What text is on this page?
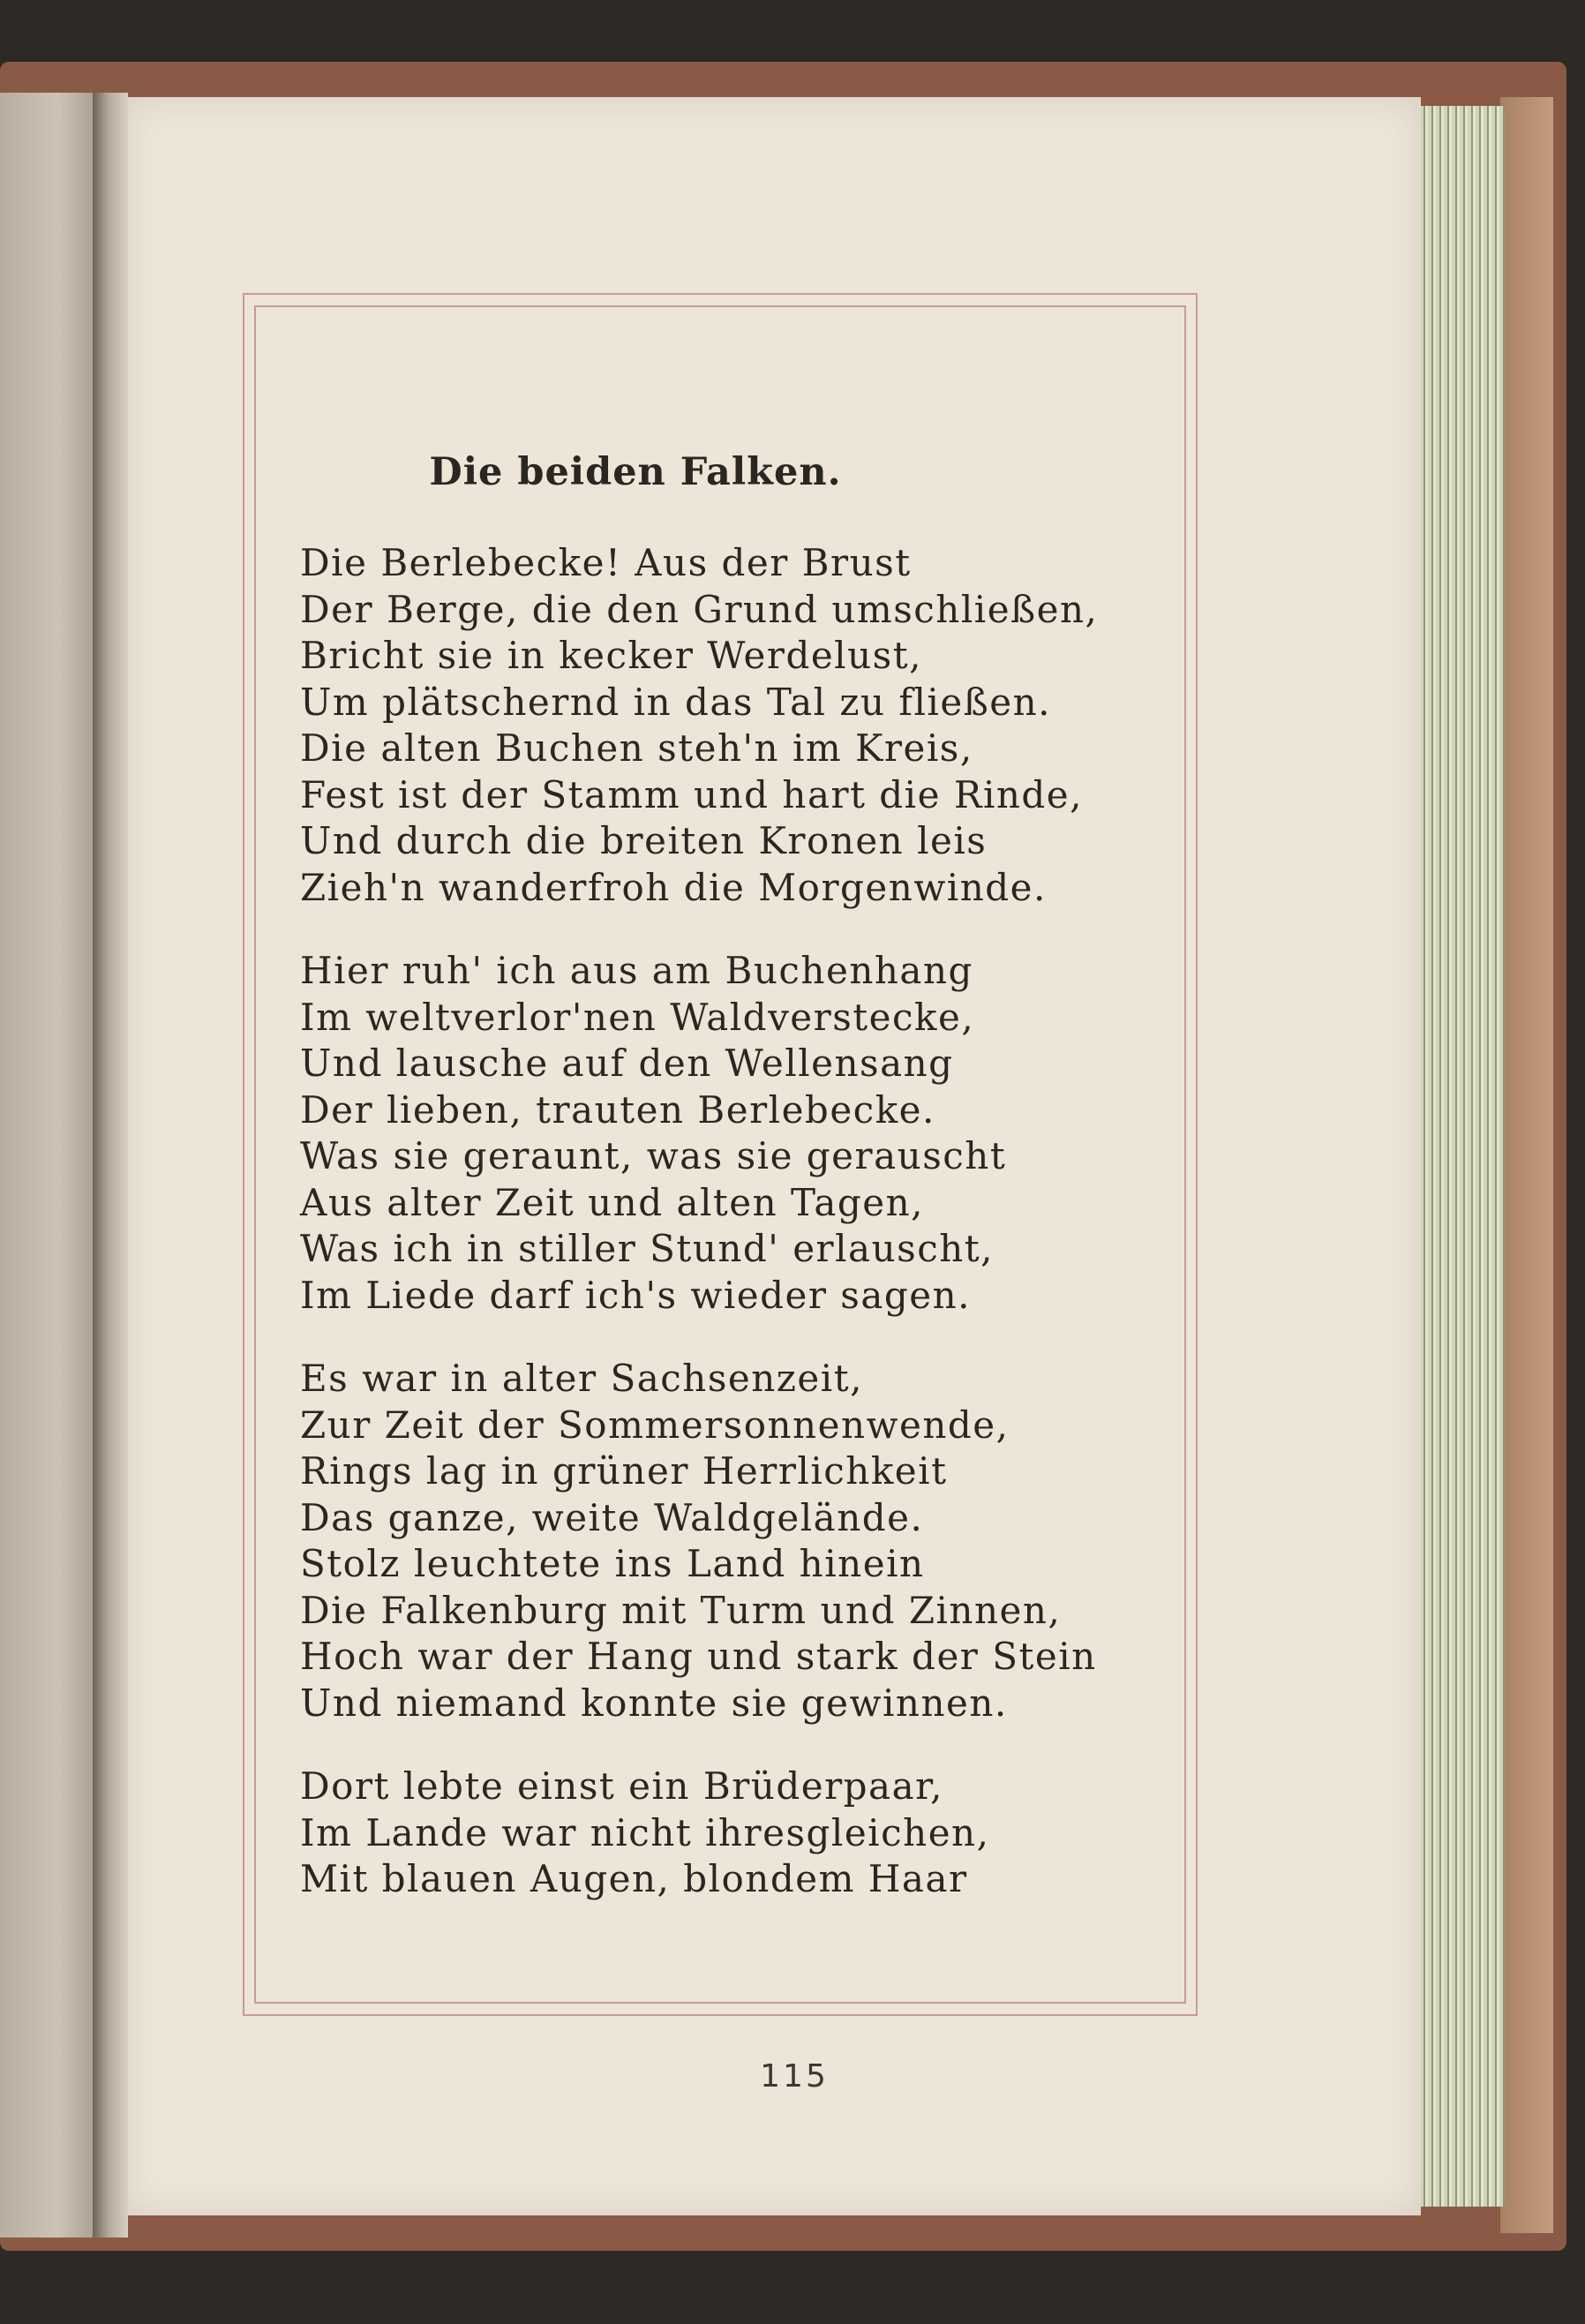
115
Die beiden Falken.
Die Berlebecke! Aus der Brust
Der Berge, die den Grund umschließen,
Bricht sie in kecker Werdelust,
Um plätschernd in das Tal zu fließen.
Die alten Buchen steh'n im Kreis,
Fest ist der Stamm und hart die Rinde,
Und durch die breiten Kronen leis
Zieh'n wanderfroh die Morgenwinde.
Hier ruh' ich aus am Buchenhang
Im weltverlor'nen Waldverstecke,
Und lausche auf den Wellensang
Der lieben, trauten Berlebecke.
Was sie geraunt, was sie gerauscht
Aus alter Zeit und alten Tagen,
Was ich in stiller Stund' erlauscht,
Im Liede darf ich's wieder sagen.
Es war in alter Sachsenzeit,
Zur Zeit der Sommersonnenwende,
Rings lag in grüner Herrlichkeit
Das ganze, weite Waldgelände.
Stolz leuchtete ins Land hinein
Die Falkenburg mit Turm und Zinnen,
Hoch war der Hang und stark der Stein
Und niemand konnte sie gewinnen.
Dort lebte einst ein Brüderpaar,
Im Lande war nicht ihresgleichen,
Mit blauen Augen, blondem Haar
